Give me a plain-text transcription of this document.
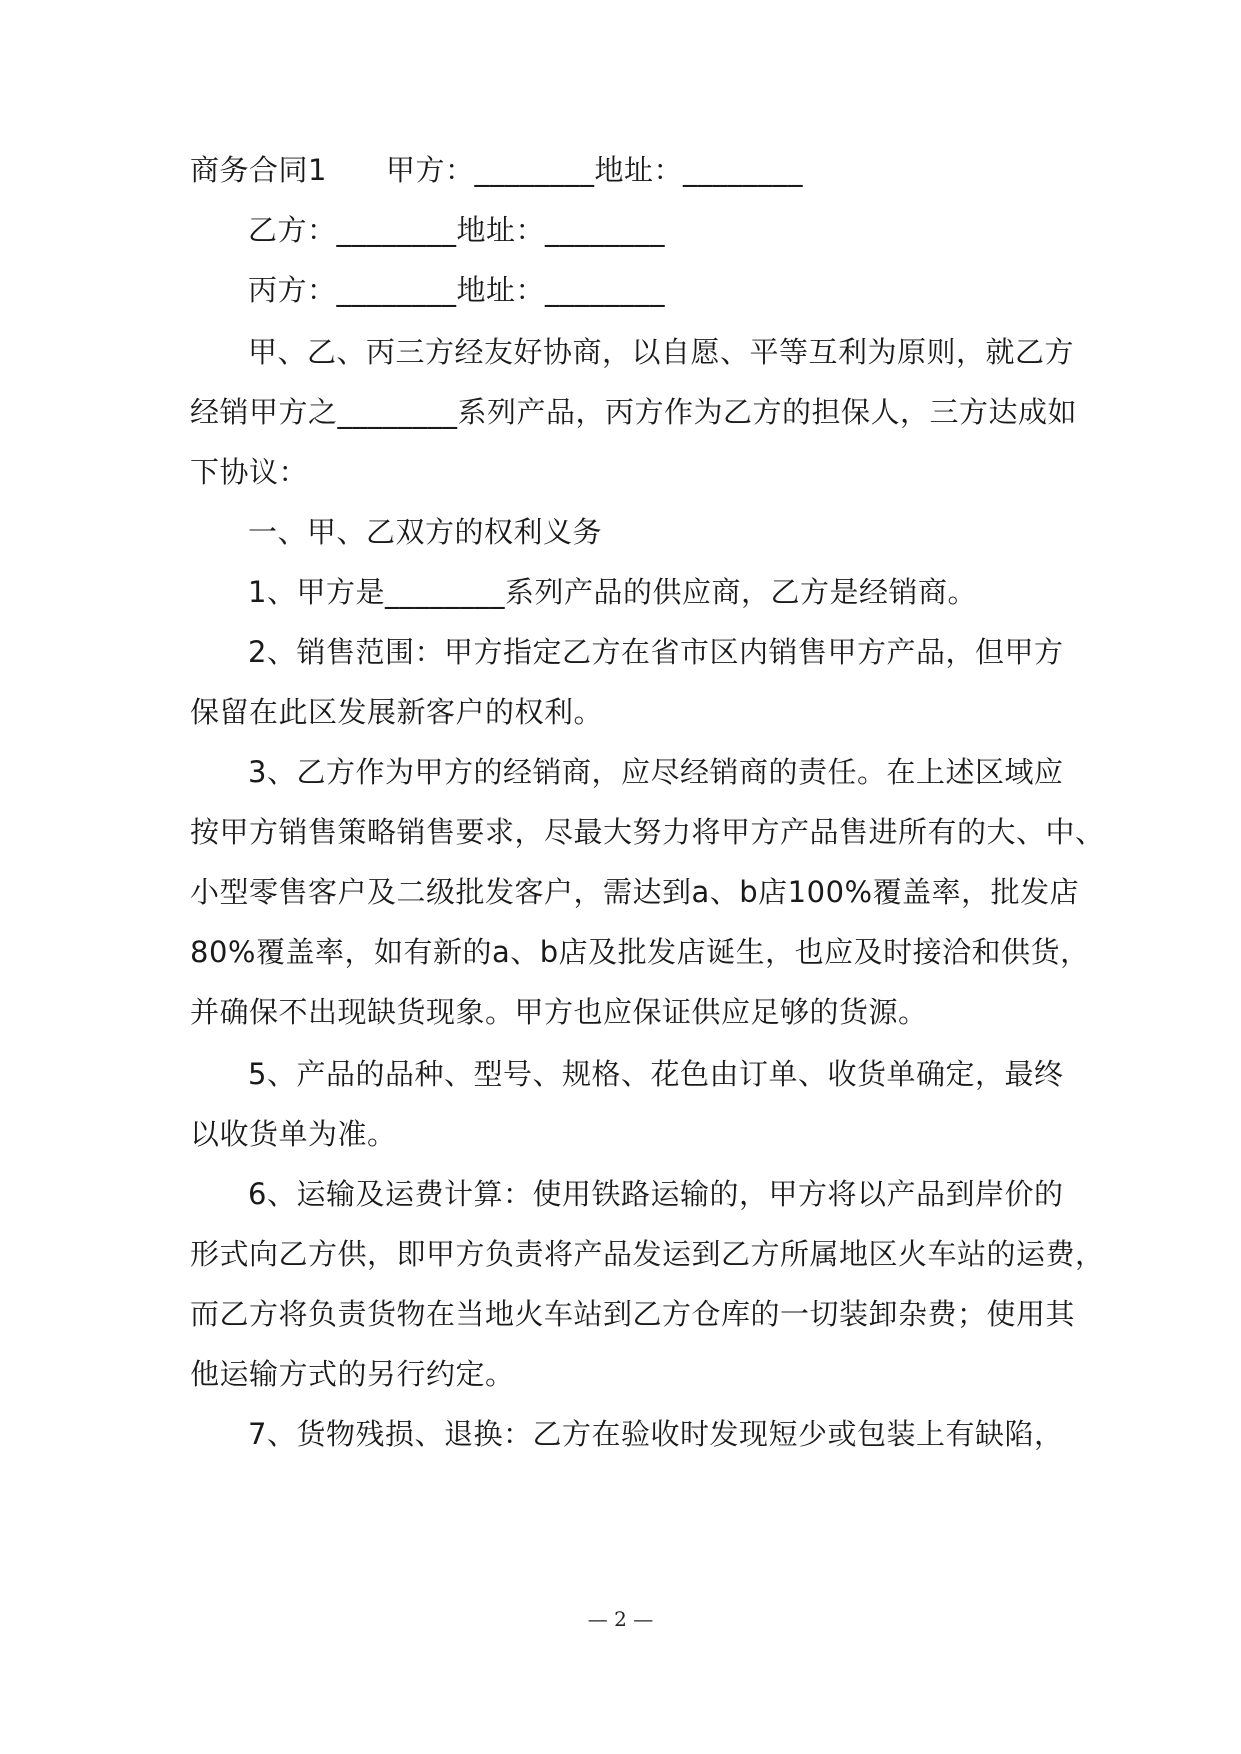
商务合同1　　甲方：________地址：________
乙方：________地址：________
丙方：________地址：________
甲、乙、丙三方经友好协商，以自愿、平等互利为原则，就乙方
经销甲方之________系列产品，丙方作为乙方的担保人，三方达成如
下协议：
一、甲、乙双方的权利义务
1、甲方是________系列产品的供应商，乙方是经销商。
2、销售范围：甲方指定乙方在省市区内销售甲方产品，但甲方
保留在此区发展新客户的权利。
3、乙方作为甲方的经销商，应尽经销商的责任。在上述区域应
按甲方销售策略销售要求，尽最大努力将甲方产品售进所有的大、中、
小型零售客户及二级批发客户，需达到a、b店100%覆盖率，批发店
80%覆盖率，如有新的a、b店及批发店诞生，也应及时接洽和供货，
并确保不出现缺货现象。甲方也应保证供应足够的货源。
5、产品的品种、型号、规格、花色由订单、收货单确定，最终
以收货单为准。
6、运输及运费计算：使用铁路运输的，甲方将以产品到岸价的
形式向乙方供，即甲方负责将产品发运到乙方所属地区火车站的运费，
而乙方将负责货物在当地火车站到乙方仓库的一切装卸杂费；使用其
他运输方式的另行约定。
7、货物残损、退换：乙方在验收时发现短少或包装上有缺陷，
— 2 —
